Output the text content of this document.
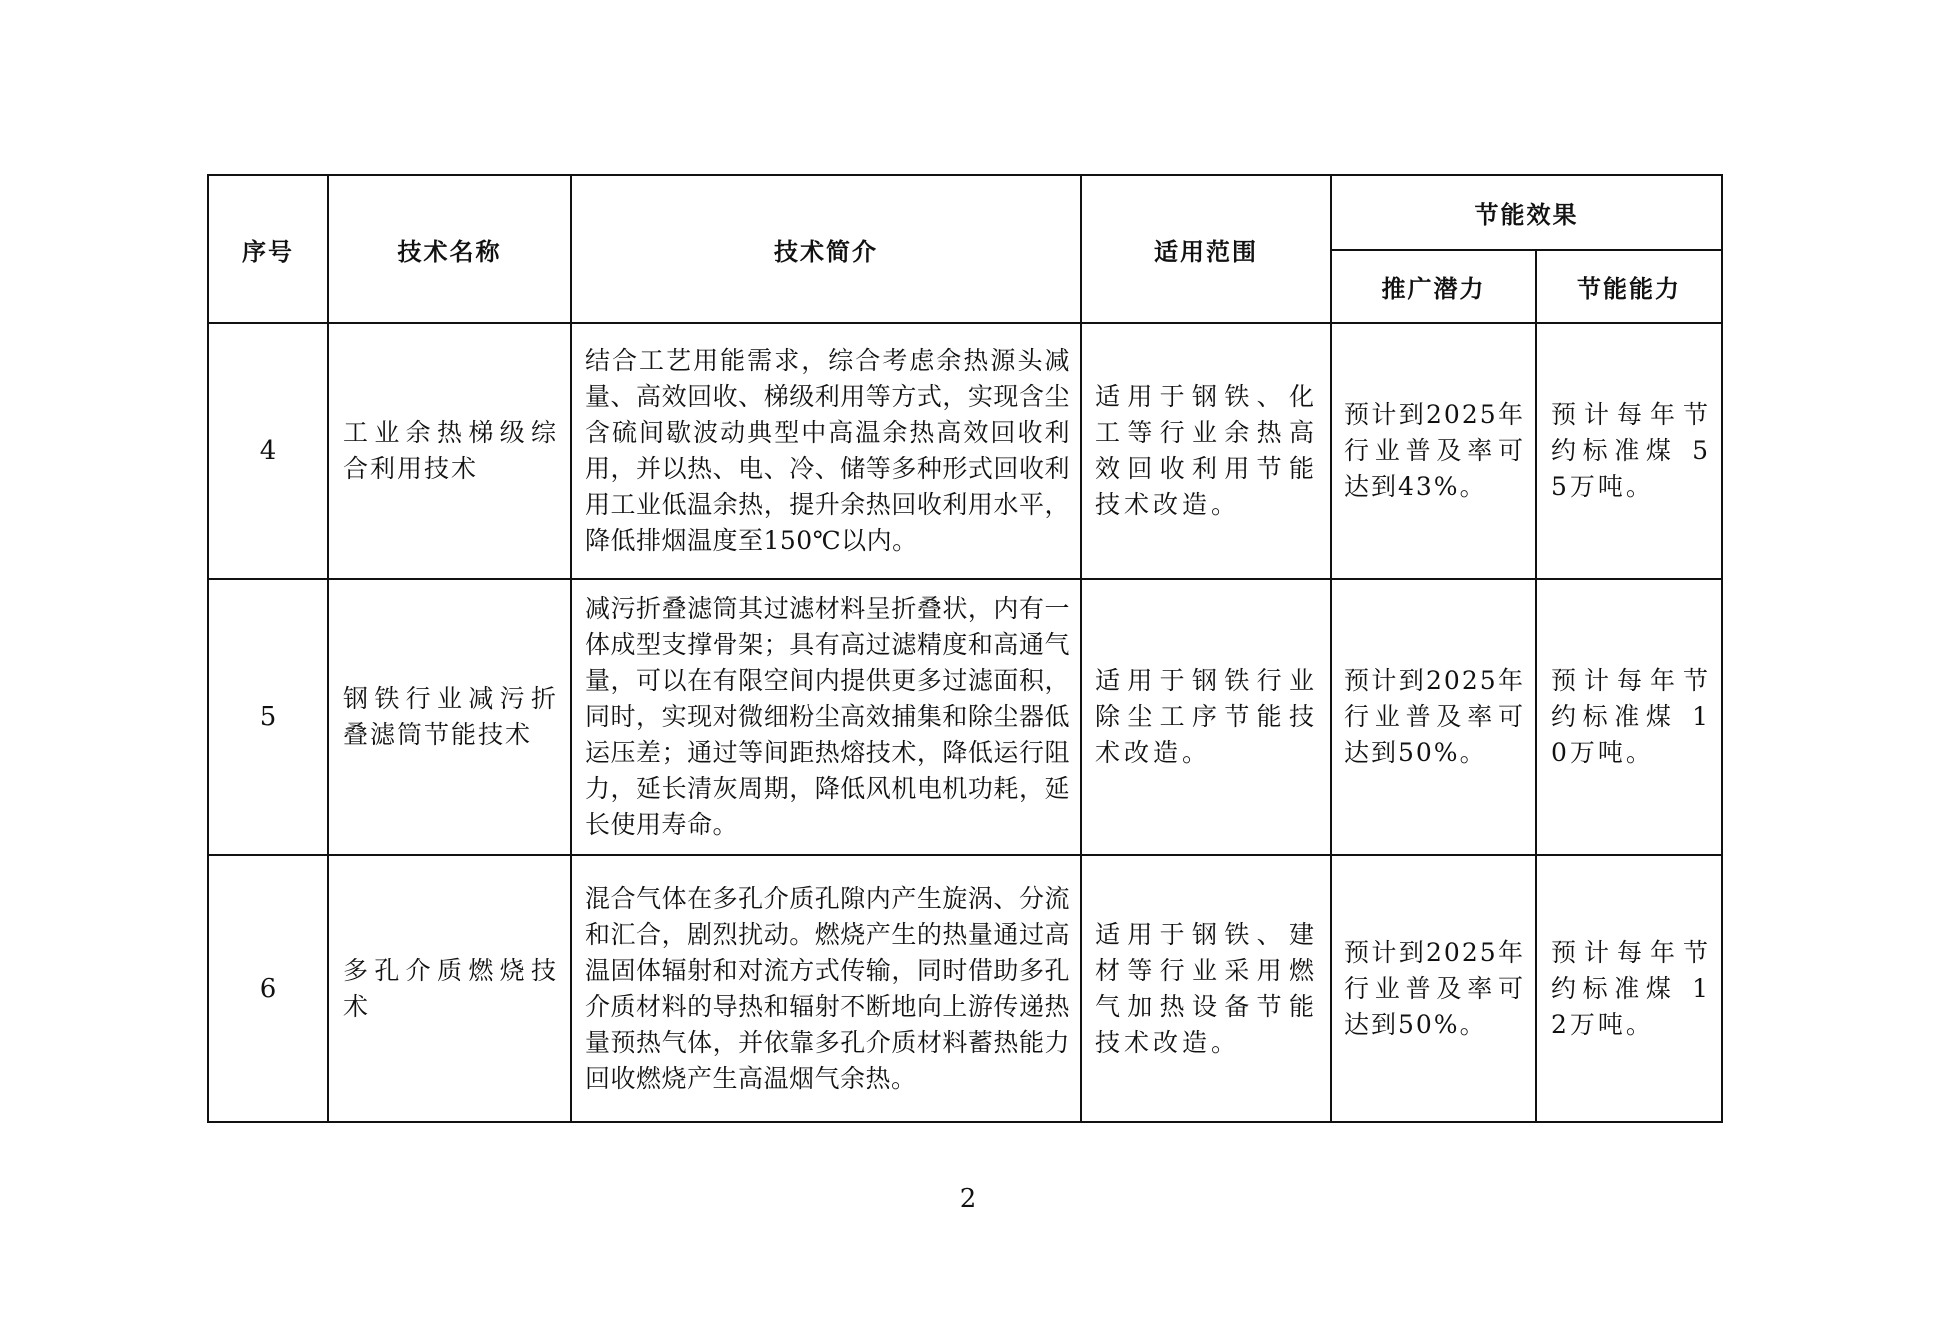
序号	技术名称	技术简介	适用范围	节能效果	
				推广潜力	节能能力
4	工业余热梯级综合利用技术	结合工艺用能需求，综合考虑余热源头减量、高效回收、梯级利用等方式，实现含尘含硫间歇波动典型中高温余热高效回收利用，并以热、电、冷、储等多种形式回收利用工业低温余热，提升余热回收利用水平，降低排烟温度至150℃以内。	适用于钢铁、化工等行业余热高效回收利用节能技术改造。	预计到2025年行业普及率可达到43%。	预计每年节约标准煤 55万吨。

5	钢铁行业减污折叠滤筒节能技术	减污折叠滤筒其过滤材料呈折叠状，内有一体成型支撑骨架；具有高过滤精度和高通气量，可以在有限空间内提供更多过滤面积，同时，实现对微细粉尘高效捕集和除尘器低运压差；通过等间距热熔技术，降低运行阻力，延长清灰周期，降低风机电机功耗，延长使用寿命。	适用于钢铁行业除尘工序节能技术改造。	预计到2025年行业普及率可达到50%。	预计每年节约标准煤 10万吨。

6	多孔介质燃烧技术	混合气体在多孔介质孔隙内产生旋涡、分流和汇合，剧烈扰动。燃烧产生的热量通过高温固体辐射和对流方式传输，同时借助多孔介质材料的导热和辐射不断地向上游传递热量预热气体，并依靠多孔介质材料蓄热能力回收燃烧产生高温烟气余热。	适用于钢铁、建材等行业采用燃气加热设备节能技术改造。	预计到2025年行业普及率可达到50%。	预计每年节约标准煤 12万吨。
2
